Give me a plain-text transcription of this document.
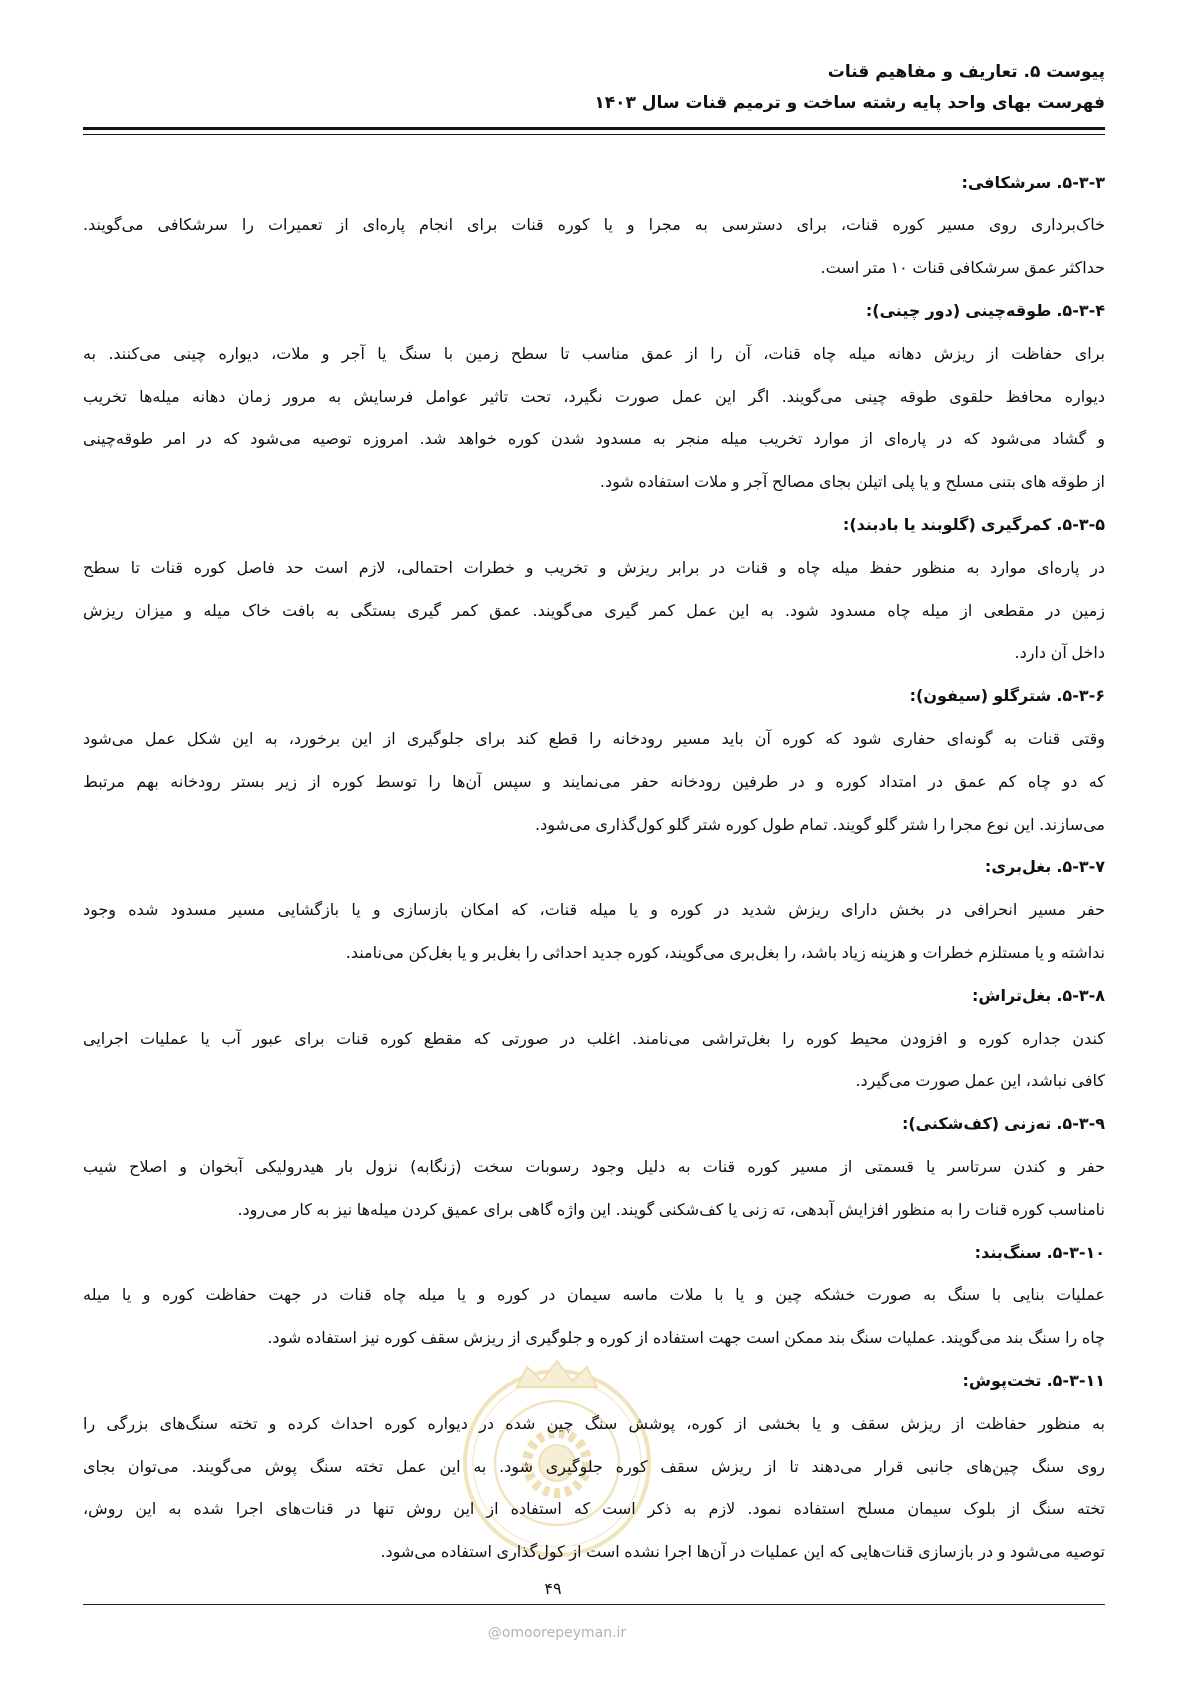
پیوست ۵. تعاریف و مفاهیم قنات
فهرست بهای واحد پایه رشته ساخت و ترمیم قنات سال ۱۴۰۳
۵-۳-۳. سرشکافی:
خاک‌برداری روی مسیر کوره قنات، برای دسترسی به مجرا و یا کوره قنات برای انجام پاره‌ای از تعمیرات را سرشکافی می‌گویند.
حداکثر عمق سرشکافی قنات ۱۰ متر است.
۵-۳-۴. طوقه‌چینی (دور چینی):
برای حفاظت از ریزش دهانه میله چاه قنات، آن را از عمق مناسب تا سطح زمین با سنگ یا آجر و ملات، دیواره چینی می‌کنند. به
دیواره محافظ حلقوی طوقه چینی می‌گویند. اگر این عمل صورت نگیرد، تحت تاثیر عوامل فرسایش به مرور زمان دهانه میله‌ها تخریب
و گشاد می‌شود که در پاره‌ای از موارد تخریب میله منجر به مسدود شدن کوره خواهد شد. امروزه توصیه می‌شود که در امر طوقه‌چینی
از طوقه های بتنی مسلح و یا پلی اتیلن بجای مصالح آجر و ملات استفاده شود.
۵-۳-۵. کمرگیری (گلوبند یا بادبند):
در پاره‌ای موارد به منظور حفظ میله چاه و قنات در برابر ریزش و تخریب و خطرات احتمالی، لازم است حد فاصل کوره قنات تا سطح
زمین در مقطعی از میله چاه مسدود شود. به این عمل کمر گیری می‌گویند. عمق کمر گیری بستگی به بافت خاک میله و میزان ریزش
داخل آن دارد.
۵-۳-۶. شترگلو (سیفون):
وقتی قنات به گونه‌ای حفاری شود که کوره آن باید مسیر رودخانه را قطع کند برای جلوگیری از این برخورد، به این شکل عمل می‌شود
که دو چاه کم عمق در امتداد کوره و در طرفین رودخانه حفر می‌نمایند و سپس آن‌ها را توسط کوره از زیر بستر رودخانه بهم مرتبط
می‌سازند. این نوع مجرا را شتر گلو گویند. تمام طول کوره شتر گلو کول‌گذاری می‌شود.
۵-۳-۷. بغل‌بری:
حفر مسیر انحرافی در بخش دارای ریزش شدید در کوره و یا میله قنات، که امکان بازسازی و یا بازگشایی مسیر مسدود شده وجود
نداشته و یا مستلزم خطرات و هزینه زیاد باشد، را بغل‌بری می‌گویند، کوره جدید احداثی را بغل‌بر و یا بغل‌کن می‌نامند.
۵-۳-۸. بغل‌تراش:
کندن جداره کوره و افزودن محیط کوره را بغل‌تراشی می‌نامند. اغلب در صورتی که مقطع کوره قنات برای عبور آب یا عملیات اجرایی
کافی نباشد، این عمل صورت می‌گیرد.
۵-۳-۹. ته‌زنی (کف‌شکنی):
حفر و کندن سرتاسر یا قسمتی از مسیر کوره قنات به دلیل وجود رسوبات سخت (زنگابه) نزول بار هیدرولیکی آبخوان و اصلاح شیب
نامناسب کوره قنات را به منظور افزایش آبدهی، ته زنی یا کف‌شکنی گویند. این واژه گاهی برای عمیق کردن میله‌ها نیز به کار می‌رود.
۵-۳-۱۰. سنگ‌بند:
عملیات بنایی با سنگ به صورت خشکه چین و یا با ملات ماسه سیمان در کوره و یا میله چاه قنات در جهت حفاظت کوره و یا میله
چاه را سنگ بند می‌گویند. عملیات سنگ بند ممکن است جهت استفاده از کوره و جلوگیری از ریزش سقف کوره نیز استفاده شود.
۵-۳-۱۱. تخت‌پوش:
به منظور حفاظت از ریزش سقف و یا بخشی از کوره، پوشش سنگ چین شده در دیواره کوره احداث کرده و تخته سنگ‌های بزرگی را
روی سنگ چین‌های جانبی قرار می‌دهند تا از ریزش سقف کوره جلوگیری شود. به این عمل تخته سنگ پوش می‌گویند. می‌توان بجای
تخته سنگ از بلوک سیمان مسلح استفاده نمود. لازم به ذکر است که استفاده از این روش تنها در قنات‌های اجرا شده به این روش،
توصیه می‌شود و در بازسازی قنات‌هایی که این عملیات در آن‌ها اجرا نشده است از کول‌گذاری استفاده می‌شود.
۴۹
@omoorepeyman.ir
